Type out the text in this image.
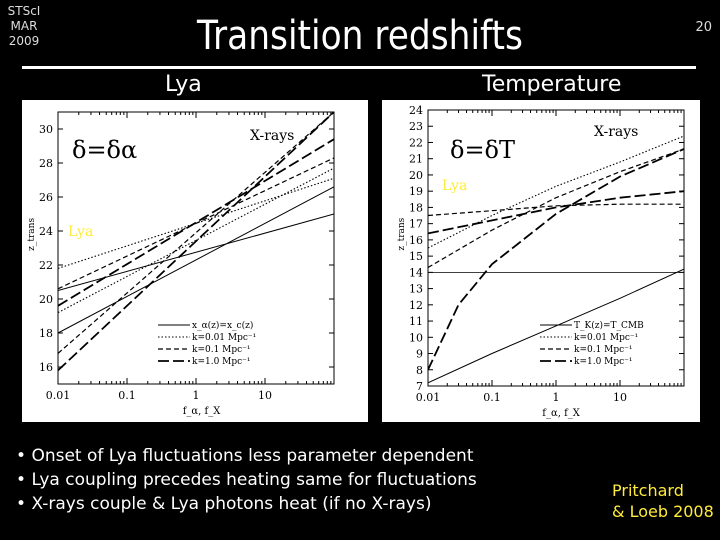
STScI
MAR
2009	Transition redshifts	20
Lya	Temperature
16
18
20
22
24
26
28
30
0.01	0.1	1	10
f_α, f_X
z_trans
δ=δα	X-rays
Lya
x_α(z)=x_c(z)
k=0.01 Mpc⁻¹
k=0.1 Mpc⁻¹
k=1.0 Mpc⁻¹
7
8
9
10
11
12
13
14
15
16
17
18
19
20
21
22
23
24
0.01	0.1	1	10
f_α, f_X
z_trans
δ=δT
X-rays
Lya
T_K(z)=T_CMB
k=0.01 Mpc⁻¹
k=0.1 Mpc⁻¹
k=1.0 Mpc⁻¹
• Onset of Lya fluctuations less parameter dependent
• Lya coupling precedes heating same for fluctuations
• X-rays couple & Lya photons heat (if no X-rays)
Pritchard
& Loeb 2008
